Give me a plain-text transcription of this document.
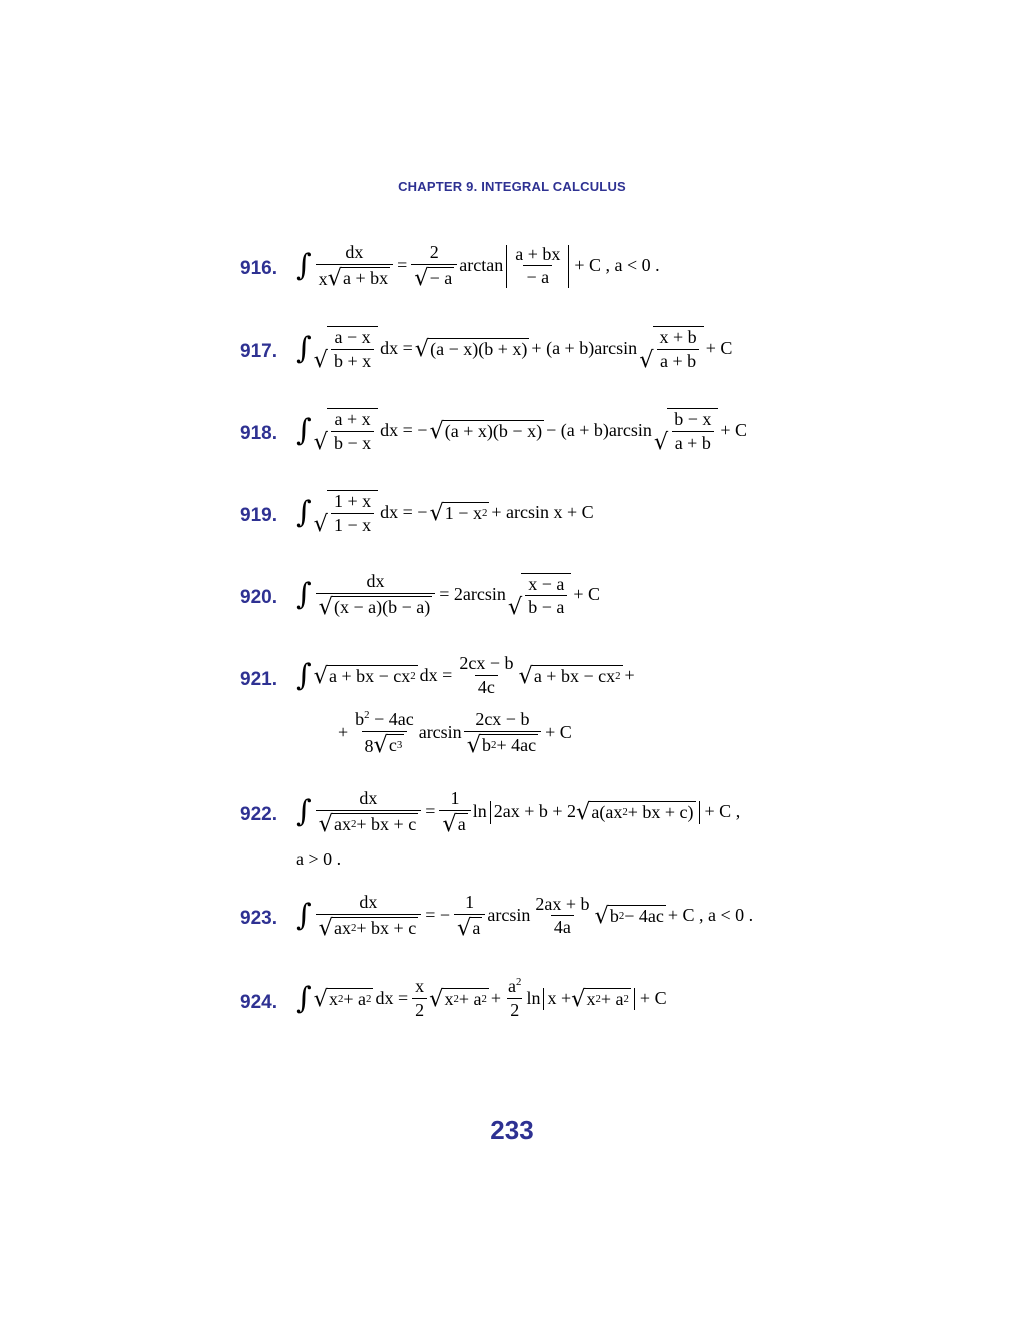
CHAPTER 9. INTEGRAL CALCULUS
916. ∫ $\frac{dx}{x √ a + bx} = \frac{2}{√ - a}$ $\arctan \frac{a + bx}{- a} + C$ , a < 0 .
917. ∫ √ $\frac{a - x}{b + x}$ dx = √ (a − x)(b + x) + (a + b)arcsin √ $\frac{x + b}{a + b} + C$
918. ∫ √ $\frac{a + x}{b - x}$ dx = − √ (a + x)(b − x) − (a + b)arcsin √ $\frac{b - x}{a + b} + C$
919. ∫ √ $\frac{1 + x}{1 - x}$ dx = − √ 1 − x 2 + arcsin x + C
920. ∫ $\frac{dx}{√ (x - a)(b - a)} = 2\arcsin$ √ $\frac{x - a}{b - a} + C$
921. ∫ √ a + bx − cx 2 dx = $\frac{2cx - b}{4c}$ √ a + bx − cx 2 +
+ $\frac{b^2 - 4ac}{8 √ c 3}$ $\arcsin \frac{2cx - b}{√ b 2 + 4ac} + C$
922. ∫ $\frac{dx}{√ ax 2 + bx + c} = \frac{1}{√ a}$ ln 2ax + b + 2 √ a(ax 2 + bx + c) + C ,
a > 0 .
923. ∫ $\frac{dx}{√ ax 2 + bx + c}$ = − $\frac{1}{√ a}$ $\arcsin \frac{2ax + b}{4a}$ √ b 2 − 4ac + C , a < 0 .
924. ∫ √ x 2 + a 2 dx = $\frac{x}{2}$ √ x 2 + a $2 + \frac{a^2}{2}$ ln x + √ x 2 + a 2 + C
233
